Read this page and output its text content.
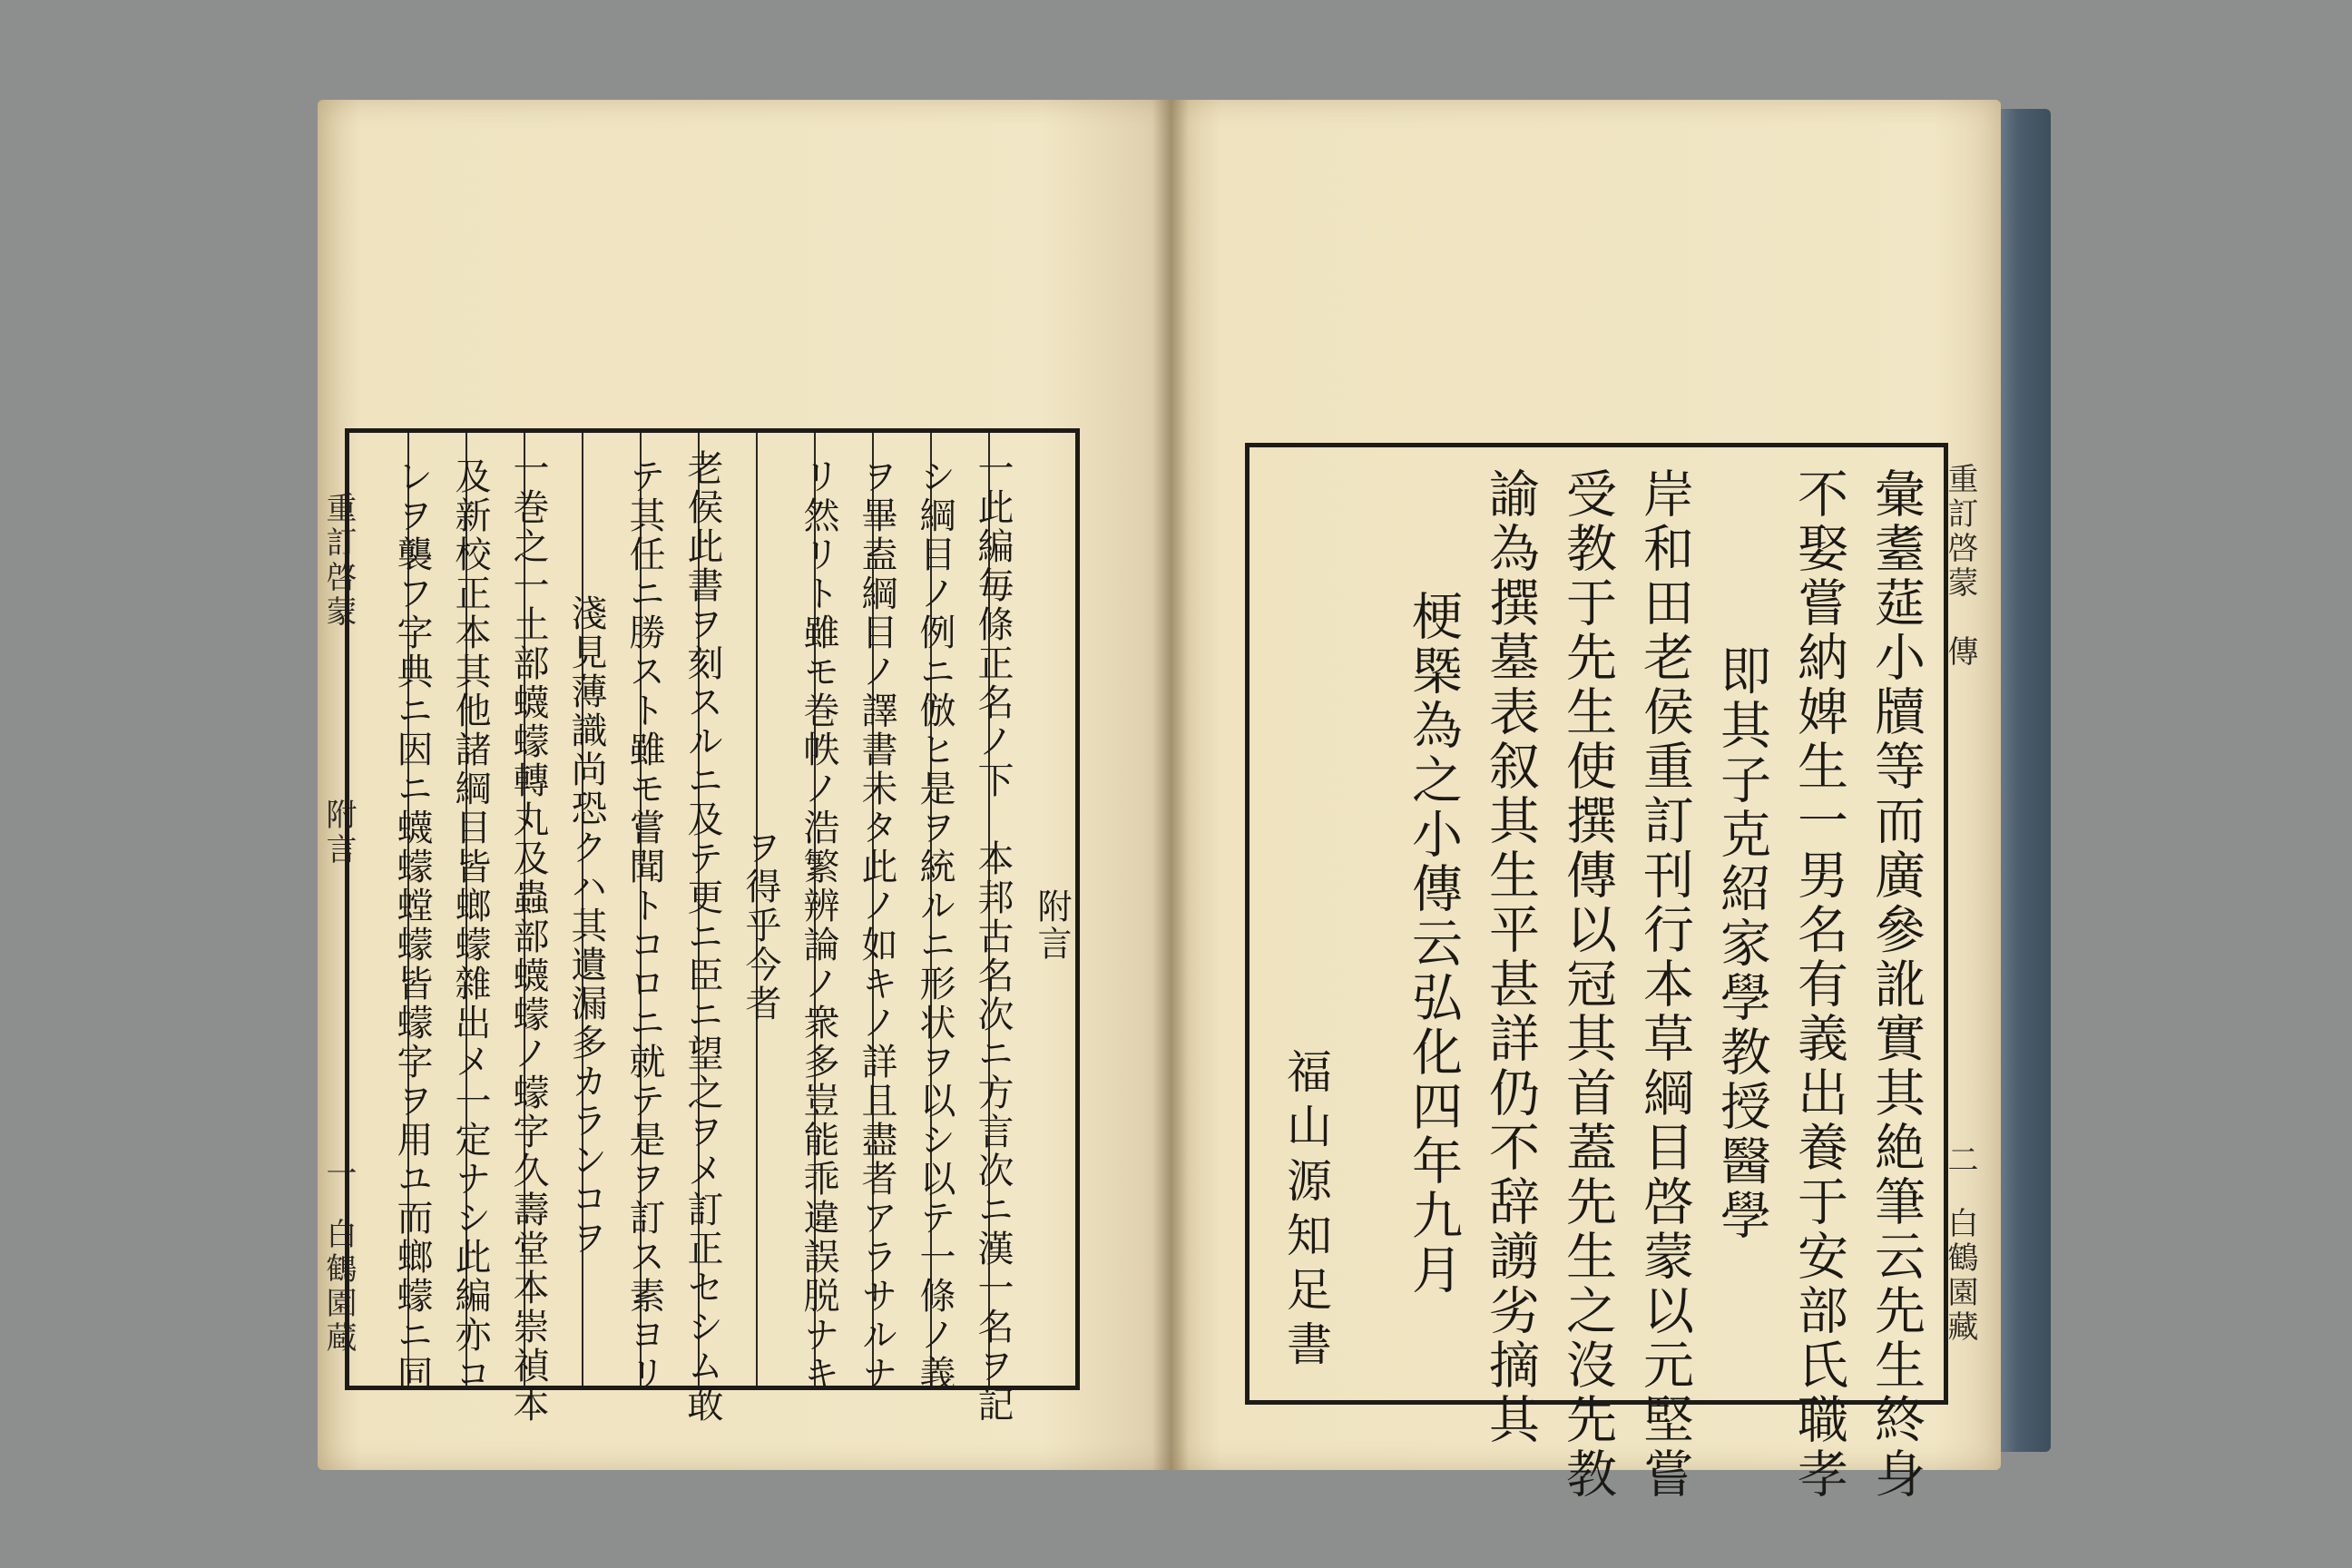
重訂啓蒙
附言
一
白鶴園蔵
附言
一此編毎條正名ノ下　本邦古名次ニ方言次ニ漢一名ヲ記
シ綱目ノ例ニ倣ヒ是ヲ統ルニ形状ヲ以シ以テ一條ノ義
ヲ畢盍綱目ノ譯書未タ此ノ如キノ詳且盡者アラサルナ
リ然リト雖モ巻帙ノ浩繁辨論ノ衆多豈能乖違誤脱ナキ
ヲ得乎今者
老侯此書ヲ刻スルニ及テ更ニ臣ニ望之ヲメ訂正セシム敢
テ其任ニ勝スト雖モ嘗聞トコロニ就テ是ヲ訂ス素ヨリ
淺見薄識尚恐クハ其遺漏多カランコヲ
一巻之一土部蠛蠓轉丸及蟲部蠛蠓ノ蠓字久壽堂本崇禎本
及新校正本其他諸綱目皆螂蠓雜出メ一定ナシ此編亦コ
レヲ襲フ字典ニ因ニ蠛蠓螳蠓皆蠓字ヲ用ユ而螂蠓ニ同
　　　　　　	彙耋莚小牘等而廣參訛實其絶筆云先生終身
不娶嘗納婢生一男名有義出養于安部氏職孝
即其子克紹家學教授醫學
岸和田老侯重訂刊行本草綱目啓蒙以元堅嘗
受教于先生使撰傳以冠其首蓋先生之沒先教
諭為撰墓表叙其生平甚詳仍不辞謭劣摘其
梗槩為之小傳云弘化四年九月
福山源知足書
重訂啓蒙
傳
二
白鶴園藏
